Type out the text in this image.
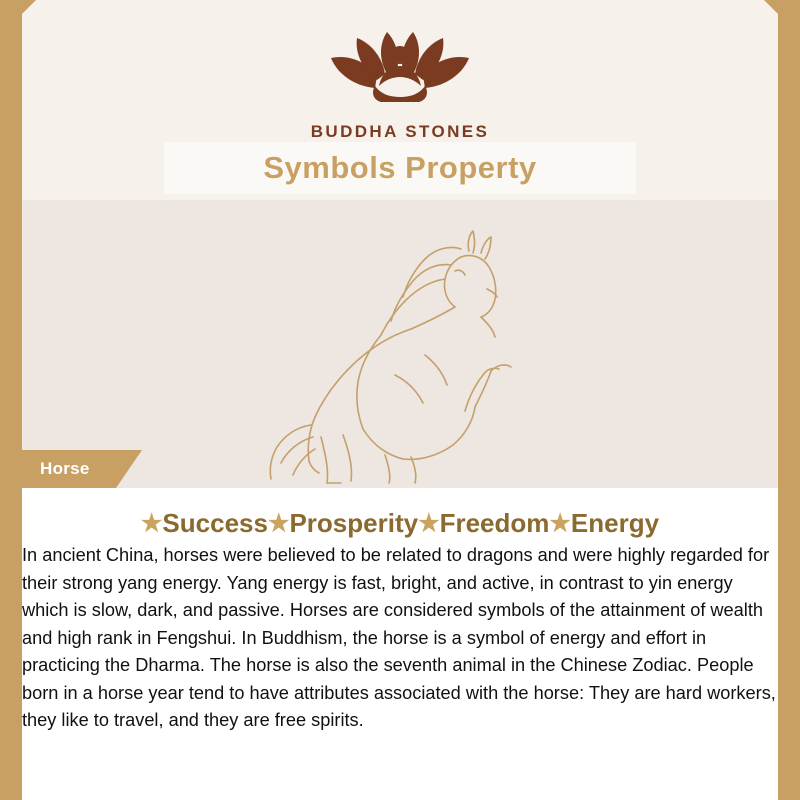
BUDDHA STONES
Symbols Property
Horse
★Success★Prosperity★Freedom★Energy
In ancient China, horses were believed to be related to dragons and were highly regarded for their strong yang energy. Yang energy is fast, bright, and active, in contrast to yin energy which is slow, dark, and passive. Horses are considered symbols of the attainment of wealth and high rank in Fengshui. In Buddhism, the horse is a symbol of energy and effort in practicing the Dharma. The horse is also the seventh animal in the Chinese Zodiac. People born in a horse year tend to have attributes associated with the horse: They are hard workers, they like to travel, and they are free spirits.
